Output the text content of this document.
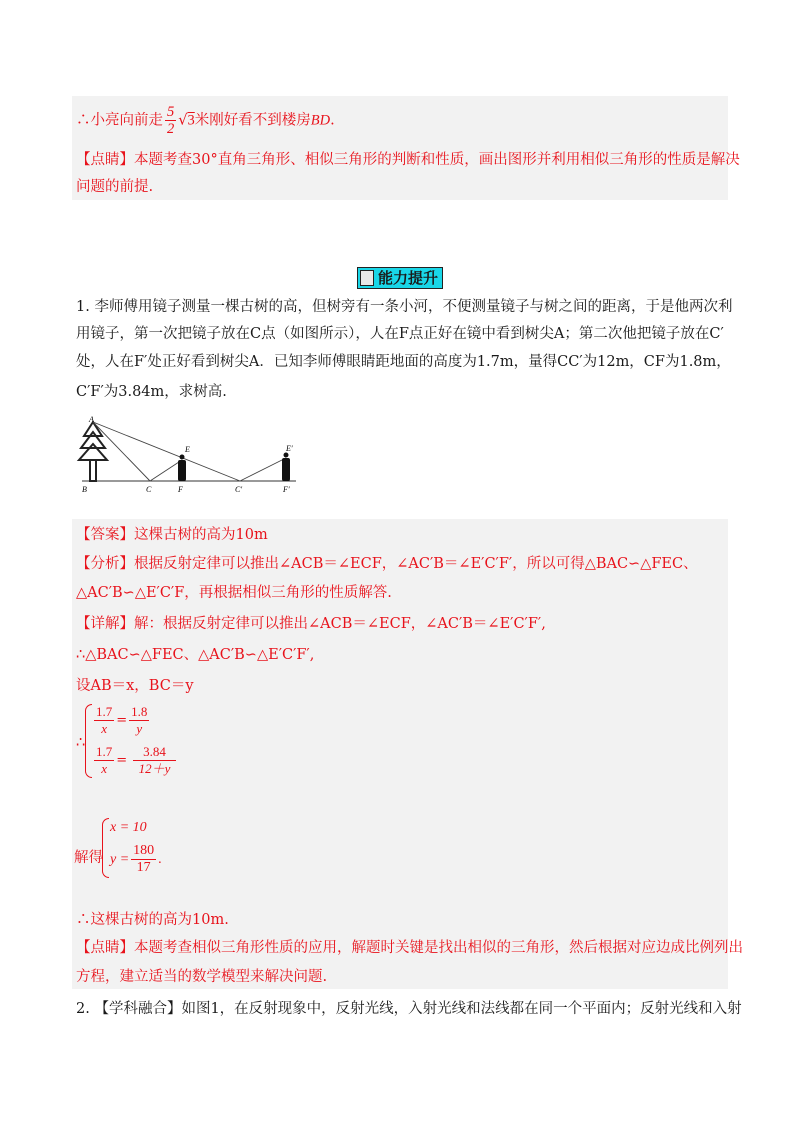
∴小亮向前走 $\frac{5}{2} √3$米刚好看不到楼房BD.
【点睛】本题考查30°直角三角形、相似三角形的判断和性质，画出图形并利用相似三角形的性质是解决
问题的前提.
能力提升
1. 李师傅用镜子测量一棵古树的高，但树旁有一条小河，不便测量镜子与树之间的距离，于是他两次利
用镜子，第一次把镜子放在C点（如图所示），人在F点正好在镜中看到树尖A；第二次他把镜子放在C′
处，人在F′处正好看到树尖A．已知李师傅眼睛距地面的高度为1.7m，量得CC′为12m，CF为1.8m，
C′F′为3.84m，求树高.
A
B	C	F
E
C′	F′
E′
【答案】这棵古树的高为10m
【分析】根据反射定律可以推出∠ACB＝∠ECF，∠AC′B＝∠E′C′F′，所以可得△BAC∽△FEC、
△AC′B∽△E′C′F，再根据相似三角形的性质解答.
【详解】解：根据反射定律可以推出∠ACB＝∠ECF，∠AC′B＝∠E′C′F′,
∴△BAC∽△FEC、△AC′B∽△E′C′F′,
设AB＝x，BC＝y
∴
$\frac{1.7}{x} = \frac{1.8}{y}$
$\frac{1.7}{x} = \frac{3.84}{12+y}$
解得
x = 10
$y = \frac{180}{17}$ .
∴这棵古树的高为10m.
【点睛】本题考查相似三角形性质的应用，解题时关键是找出相似的三角形，然后根据对应边成比例列出
方程，建立适当的数学模型来解决问题.
2. 【学科融合】如图1，在反射现象中，反射光线，入射光线和法线都在同一个平面内；反射光线和入射
